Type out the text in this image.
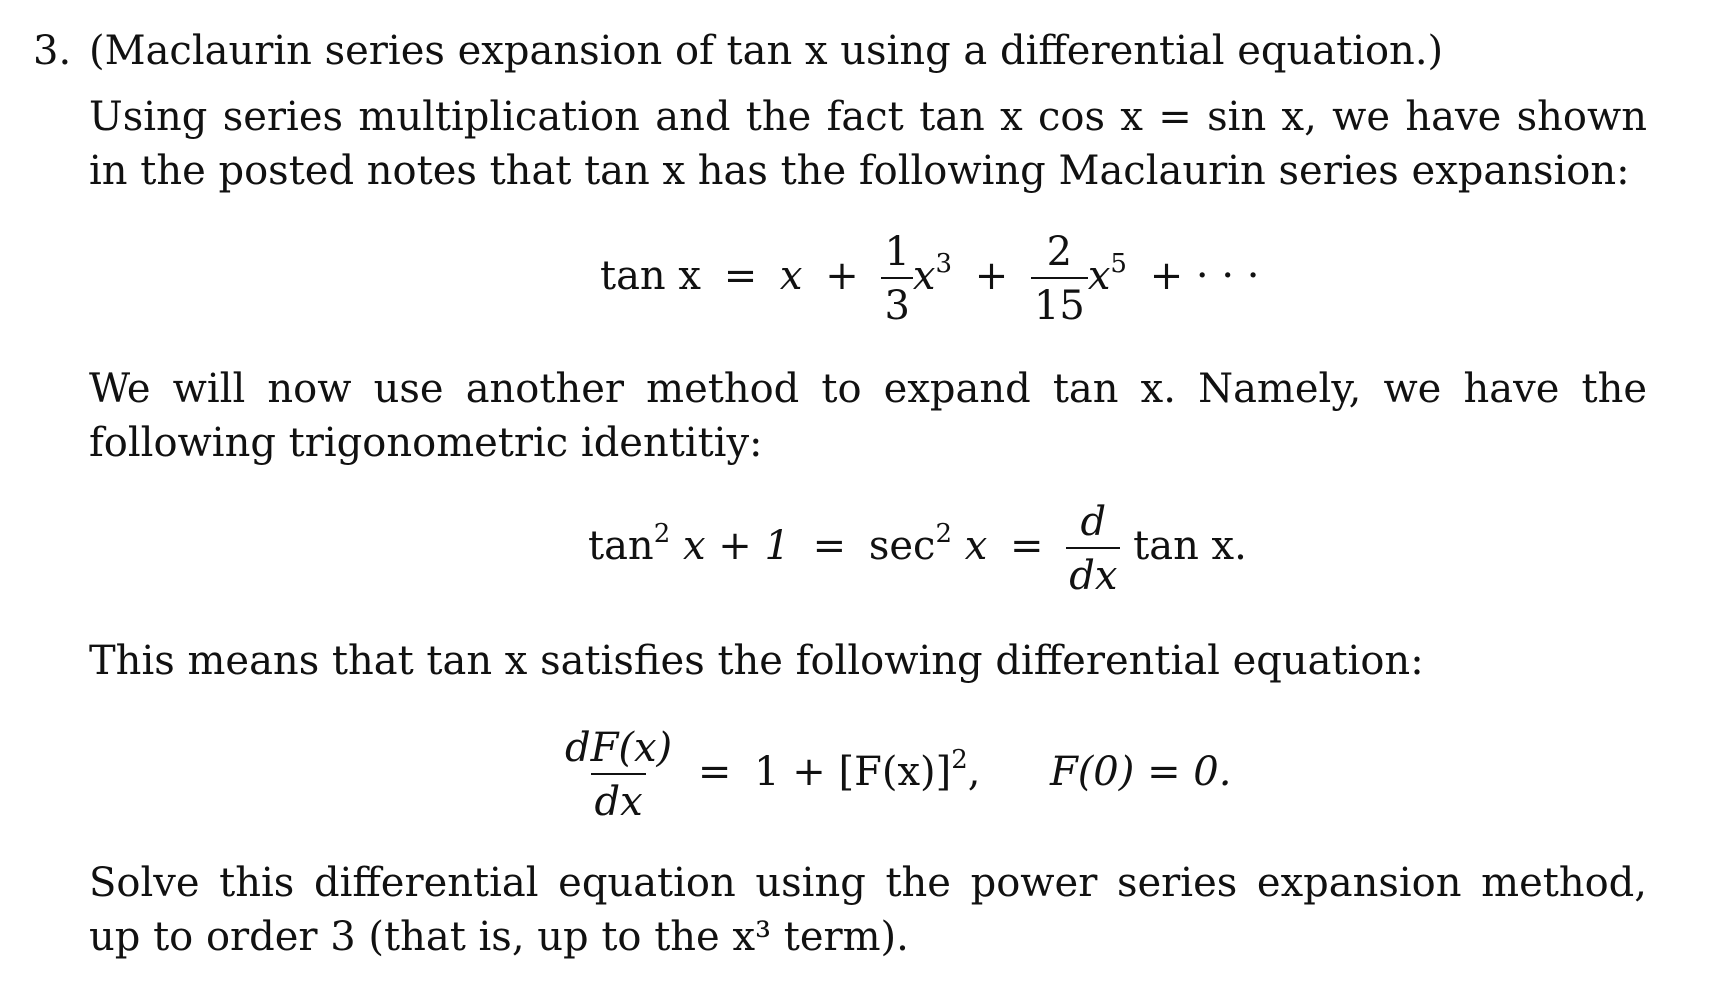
3. (Maclaurin series expansion of tan x using a differential equation.)
Using series multiplication and the fact tan x cos x = sin x, we have shown in the posted notes that tan x has the following Maclaurin series expansion:
$\tan x = x + \frac{1}{3} x^3 + \frac{2}{15} x^5$ + · · ·
We will now use another method to expand tan x. Namely, we have the following trigonometric identitiy:
$\tan^2 x + 1 = \sec^2 x = \frac{d}{dx}$ tan x.
This means that tan x satisfies the following differential equation:
$\frac{dF(x)}{dx} = 1 + [F(x)]^2$, F(0) = 0.
Solve this differential equation using the power series expansion method, up to order 3 (that is, up to the x³ term).
